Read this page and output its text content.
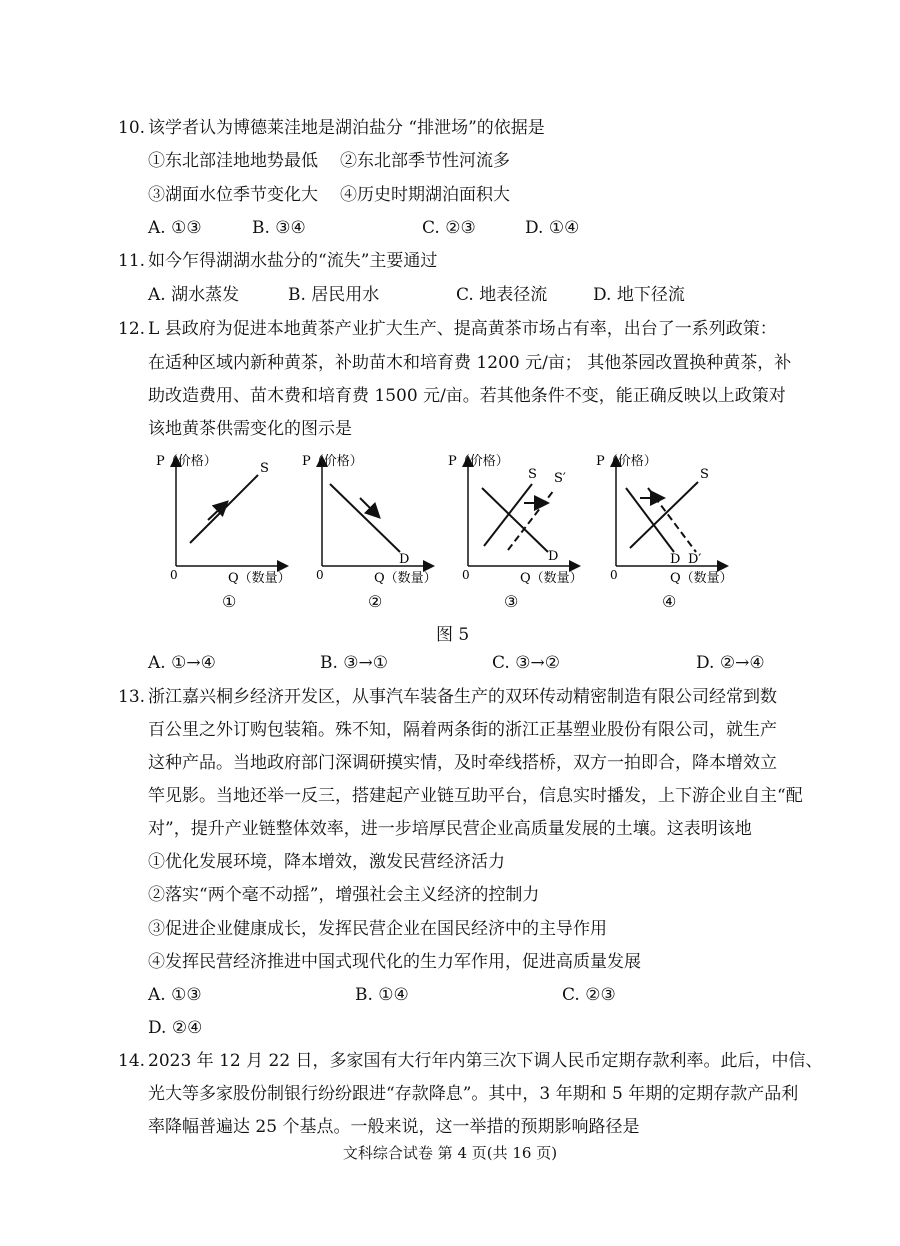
10. 该学者认为博德莱洼地是湖泊盐分 “排泄场”的依据是
①东北部洼地地势最低 ②东北部季节性河流多
③湖面水位季节变化大 ④历史时期湖泊面积大
A. ①③	B. ③④	C. ②③	D. ①④
11. 如今乍得湖湖水盐分的“流失”主要通过
A. 湖水蒸发	B. 居民用水	C. 地表径流	D. 地下径流
12. L 县政府为促进本地黄茶产业扩大生产、提高黄茶市场占有率，出台了一系列政策：
在适种区域内新种黄茶，补助苗木和培育费 1200 元/亩； 其他茶园改置换种黄茶，补
助改造费用、苗木费和培育费 1500 元/亩。若其他条件不变，能正确反映以上政策对
该地黄茶供需变化的图示是
P（价格）
0	Q（数量）
S
①
P（价格）
0	Q（数量）
D
②
P（价格）
0	Q（数量）
S S′
D
③
P（价格）
0	Q（数量）
S
D D′
④
图 5
A. ①→④	B. ③→①	C. ③→②	D. ②→④
13. 浙江嘉兴桐乡经济开发区，从事汽车装备生产的双环传动精密制造有限公司经常到数
百公里之外订购包装箱。殊不知，隔着两条街的浙江正基塑业股份有限公司，就生产
这种产品。当地政府部门深调研摸实情，及时牵线搭桥，双方一拍即合，降本增效立
竿见影。当地还举一反三，搭建起产业链互助平台，信息实时播发，上下游企业自主“配
对”，提升产业链整体效率，进一步培厚民营企业高质量发展的土壤。这表明该地
①优化发展环境，降本增效，激发民营经济活力
②落实“两个毫不动摇”，增强社会主义经济的控制力
③促进企业健康成长，发挥民营企业在国民经济中的主导作用
④发挥民营经济推进中国式现代化的生力军作用，促进高质量发展
A. ①③	B. ①④	C. ②③
D. ②④
14. 2023 年 12 月 22 日，多家国有大行年内第三次下调人民币定期存款利率。此后，中信、
光大等多家股份制银行纷纷跟进“存款降息”。其中，3 年期和 5 年期的定期存款产品利
率降幅普遍达 25 个基点。一般来说，这一举措的预期影响路径是
文科综合试卷 第 4 页(共 16 页)
